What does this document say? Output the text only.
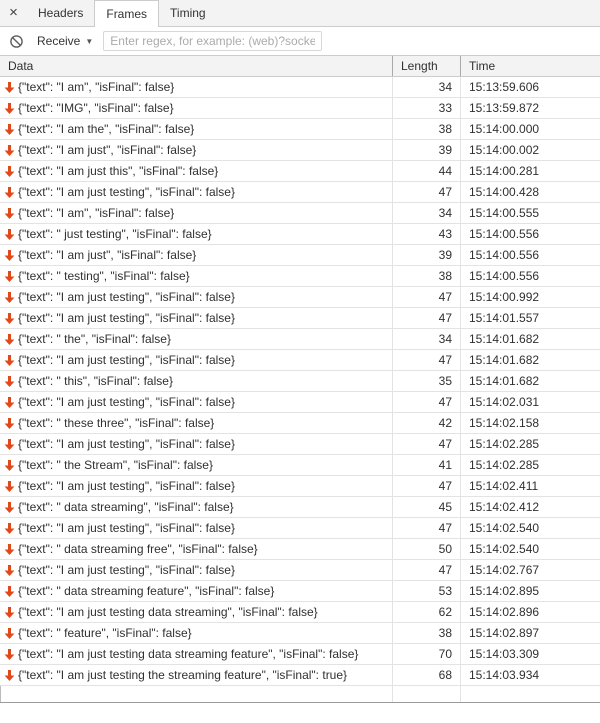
×	Headers	Frames	Timing
Receive ▼
Enter regex, for example: (web)?socket
Data	Length	Time
{"text": "I am", "isFinal": false}	34	15:13:59.606
{"text": "IMG", "isFinal": false}	33	15:13:59.872
{"text": "I am the", "isFinal": false}	38	15:14:00.000
{"text": "I am just", "isFinal": false}	39	15:14:00.002
{"text": "I am just this", "isFinal": false}	44	15:14:00.281
{"text": "I am just testing", "isFinal": false}	47	15:14:00.428
{"text": "I am", "isFinal": false}	34	15:14:00.555
{"text": " just testing", "isFinal": false}	43	15:14:00.556
{"text": "I am just", "isFinal": false}	39	15:14:00.556
{"text": " testing", "isFinal": false}	38	15:14:00.556
{"text": "I am just testing", "isFinal": false}	47	15:14:00.992
{"text": "I am just testing", "isFinal": false}	47	15:14:01.557
{"text": " the", "isFinal": false}	34	15:14:01.682
{"text": "I am just testing", "isFinal": false}	47	15:14:01.682
{"text": " this", "isFinal": false}	35	15:14:01.682
{"text": "I am just testing", "isFinal": false}	47	15:14:02.031
{"text": " these three", "isFinal": false}	42	15:14:02.158
{"text": "I am just testing", "isFinal": false}	47	15:14:02.285
{"text": " the Stream", "isFinal": false}	41	15:14:02.285
{"text": "I am just testing", "isFinal": false}	47	15:14:02.411
{"text": " data streaming", "isFinal": false}	45	15:14:02.412
{"text": "I am just testing", "isFinal": false}	47	15:14:02.540
{"text": " data streaming free", "isFinal": false}	50	15:14:02.540
{"text": "I am just testing", "isFinal": false}	47	15:14:02.767
{"text": " data streaming feature", "isFinal": false}	53	15:14:02.895
{"text": "I am just testing data streaming", "isFinal": false}	62	15:14:02.896
{"text": " feature", "isFinal": false}	38	15:14:02.897
{"text": "I am just testing data streaming feature", "isFinal": false}	70	15:14:03.309
{"text": "I am just testing the streaming feature", "isFinal": true}	68	15:14:03.934
